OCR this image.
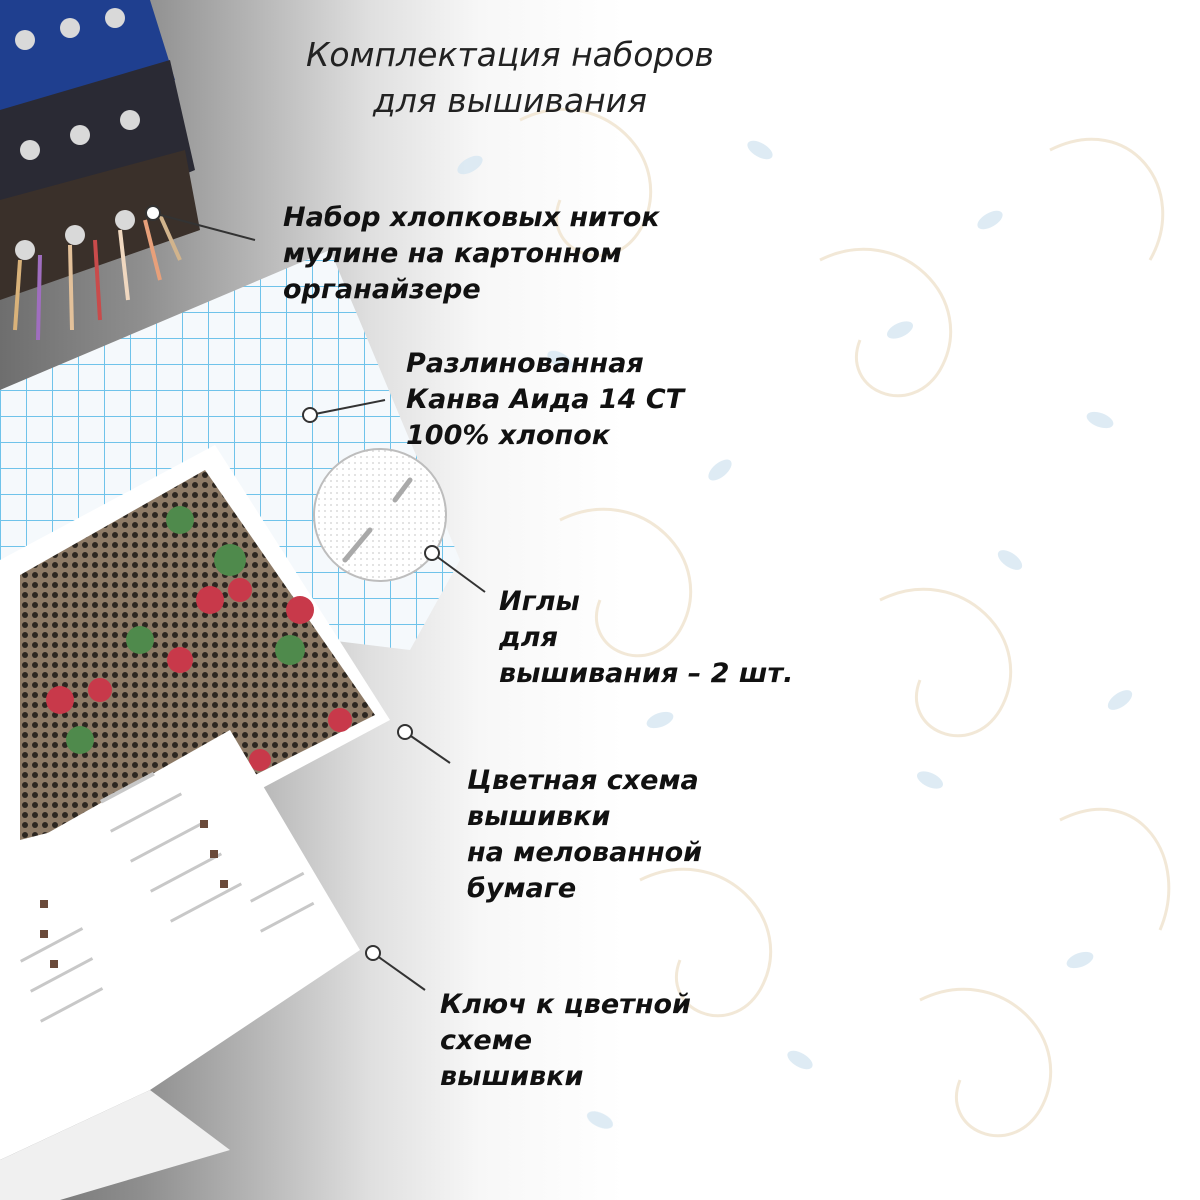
Комплектация наборов
для вышивания
Набор хлопковых ниток
мулине на картонном
органайзере
Разлинованная
Канва Аида 14 СТ
100% хлопок
Иглы
для
вышивания – 2 шт.
Цветная схема
вышивки
на мелованной
бумаге
Ключ к цветной
схеме
вышивки
